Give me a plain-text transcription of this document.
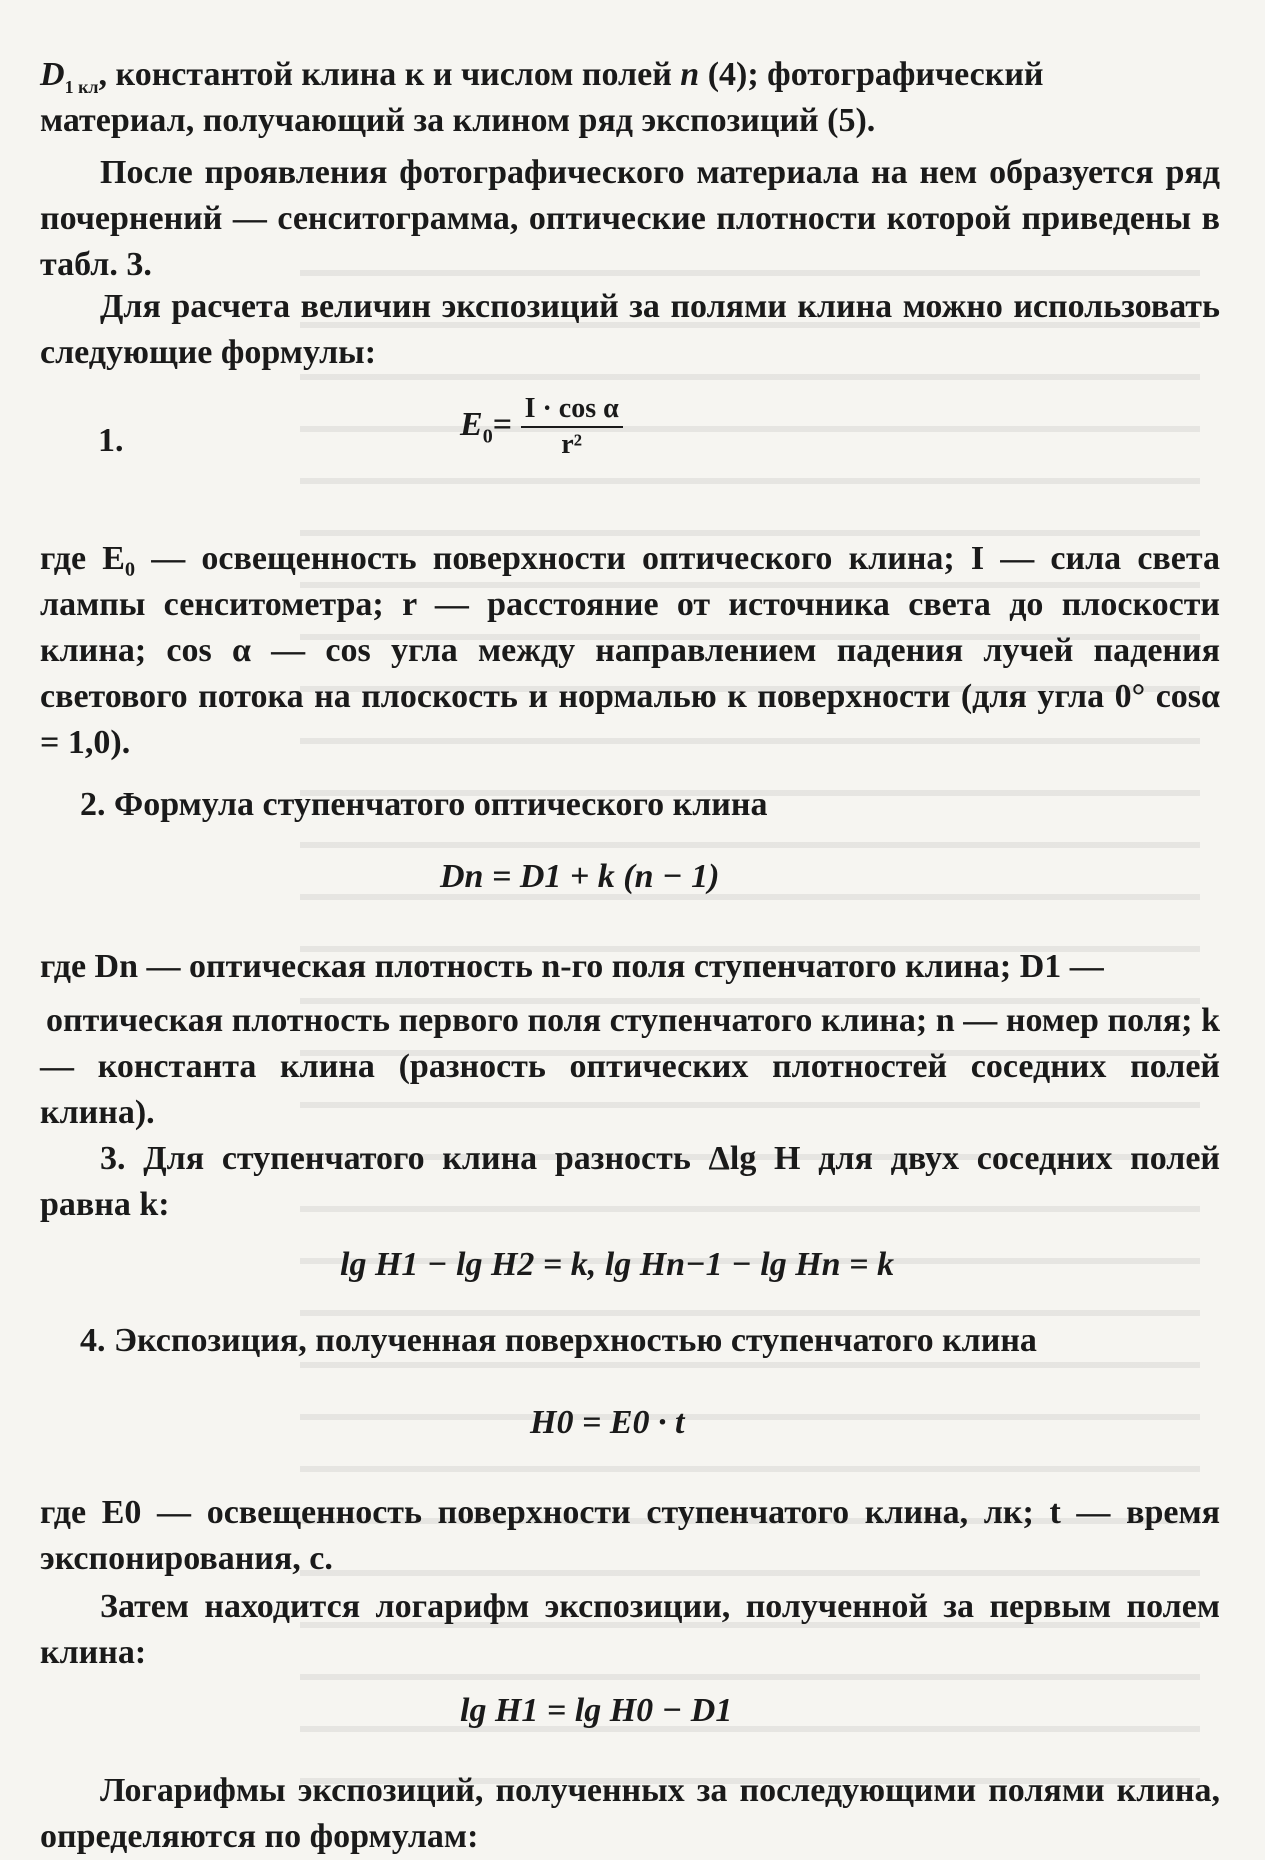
$D_{1 кл}$, константой клина к и числом полей n (4); фотографический
материал, получающий за клином ряд экспозиций (5).
После проявления фотографического материала на нем образуется ряд почернений — сенситограмма, оптические плотности которой приведены в табл. 3.
Для расчета величин экспозиций за полями клина можно использовать следующие формулы:
1.	$E_0= \frac{\text{I · cos α}}{\text{r²}}$
где E₀ — освещенность поверхности оптического клина; I — сила света лампы сенситометра; r — расстояние от источника света до плоскости клина; cos α — cos угла между направлением падения лучей падения светового потока на плоскость и нормалью к поверхности (для угла 0° cosα = 1,0).
2. Формула ступенчатого оптического клина
Dn = D1 + k (n − 1)
где Dn — оптическая плотность n-го поля ступенчатого клина; D1 —
оптическая плотность первого поля ступенчатого клина; n — номер поля; k — константа клина (разность оптических плотностей соседних полей клина).
3. Для ступенчатого клина разность Δlg H для двух соседних полей равна k:
lg H1 − lg H2 = k, lg Hn−1 − lg Hn = k
4. Экспозиция, полученная поверхностью ступенчатого клина
H0 = E0 · t
где E0 — освещенность поверхности ступенчатого клина, лк; t — время экспонирования, с.
Затем находится логарифм экспозиции, полученной за первым полем клина:
lg H1 = lg H0 − D1
Логарифмы экспозиций, полученных за последующими полями клина, определяются по формулам:
